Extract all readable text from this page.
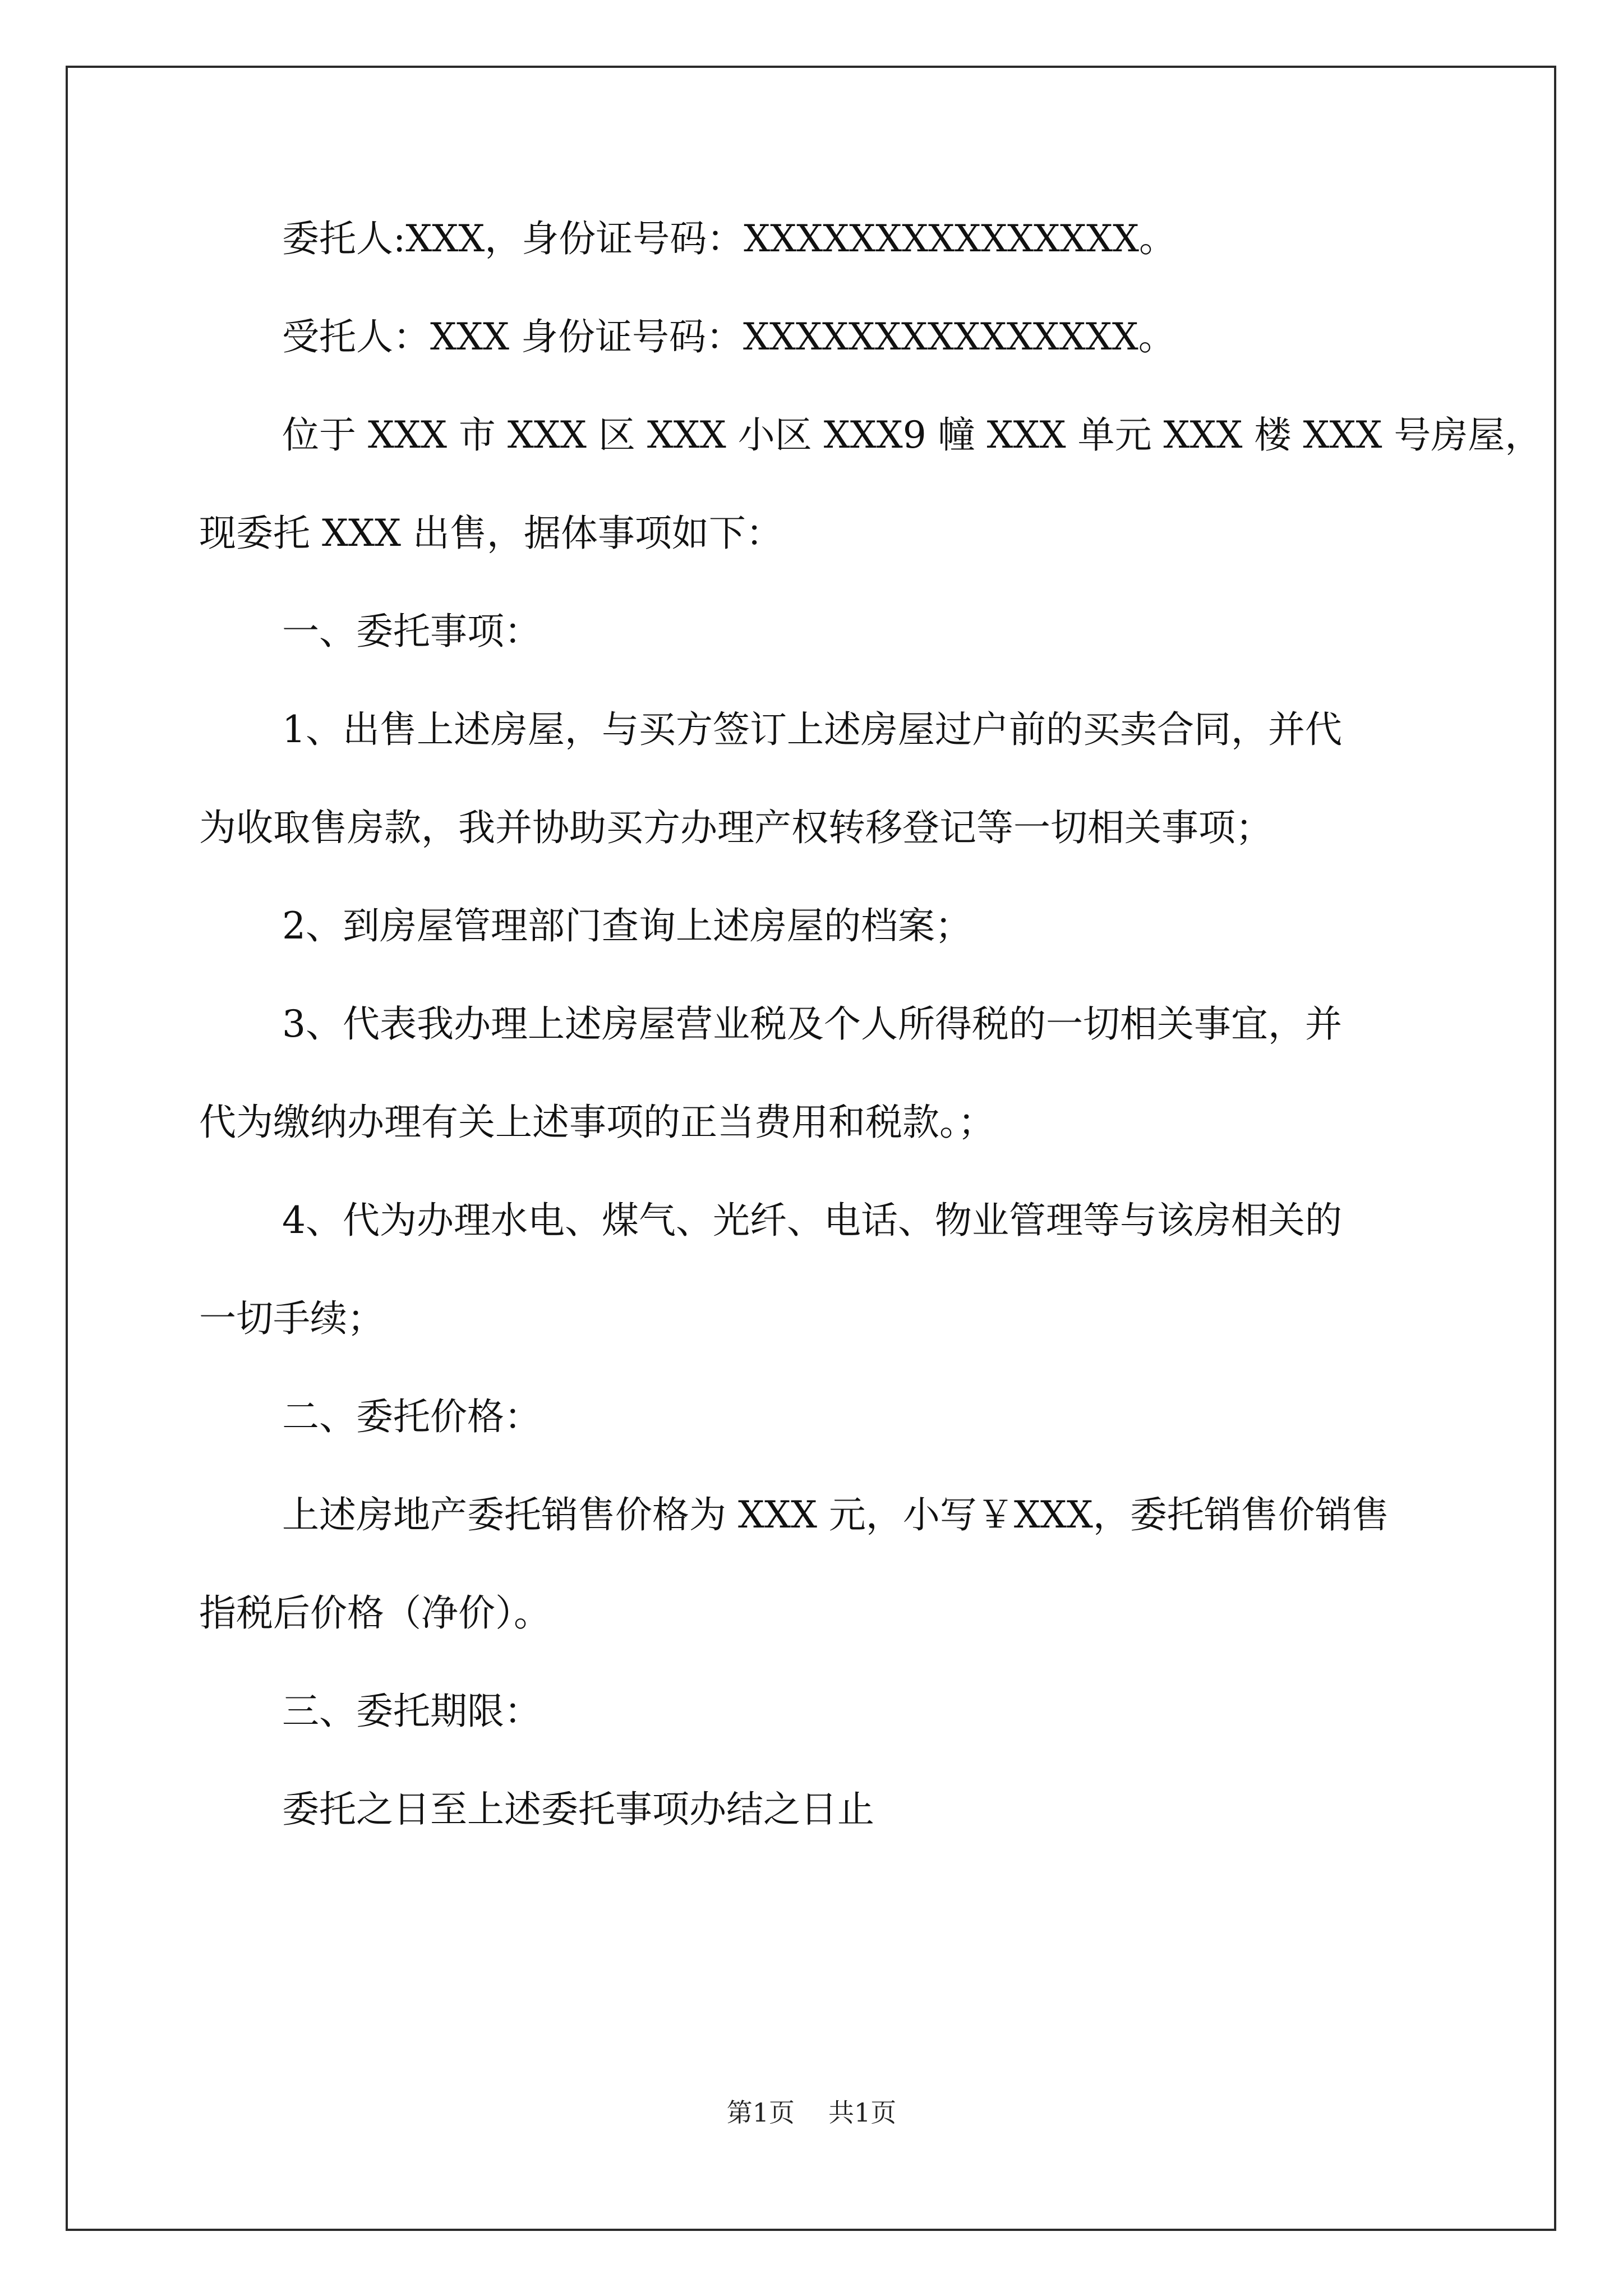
委托人:XXX，身份证号码：XXXXXXXXXXXXXXX。

受托人：XXX 身份证号码：XXXXXXXXXXXXXXX。

位于 XXX 市 XXX 区 XXX 小区 XXX9 幢 XXX 单元 XXX 楼 XXX 号房屋，

现委托 XXX 出售，据体事项如下：

一、委托事项：

1、出售上述房屋，与买方签订上述房屋过户前的买卖合同，并代

为收取售房款，我并协助买方办理产权转移登记等一切相关事项；

2、到房屋管理部门查询上述房屋的档案；

3、代表我办理上述房屋营业税及个人所得税的一切相关事宜，并

代为缴纳办理有关上述事项的正当费用和税款。；

4、代为办理水电、煤气、光纤、电话、物业管理等与该房相关的

一切手续；

二、委托价格：

上述房地产委托销售价格为 XXX 元，小写￥XXX，委托销售价销售

指税后价格（净价）。

三、委托期限：

委托之日至上述委托事项办结之日止

第1页 共1页
